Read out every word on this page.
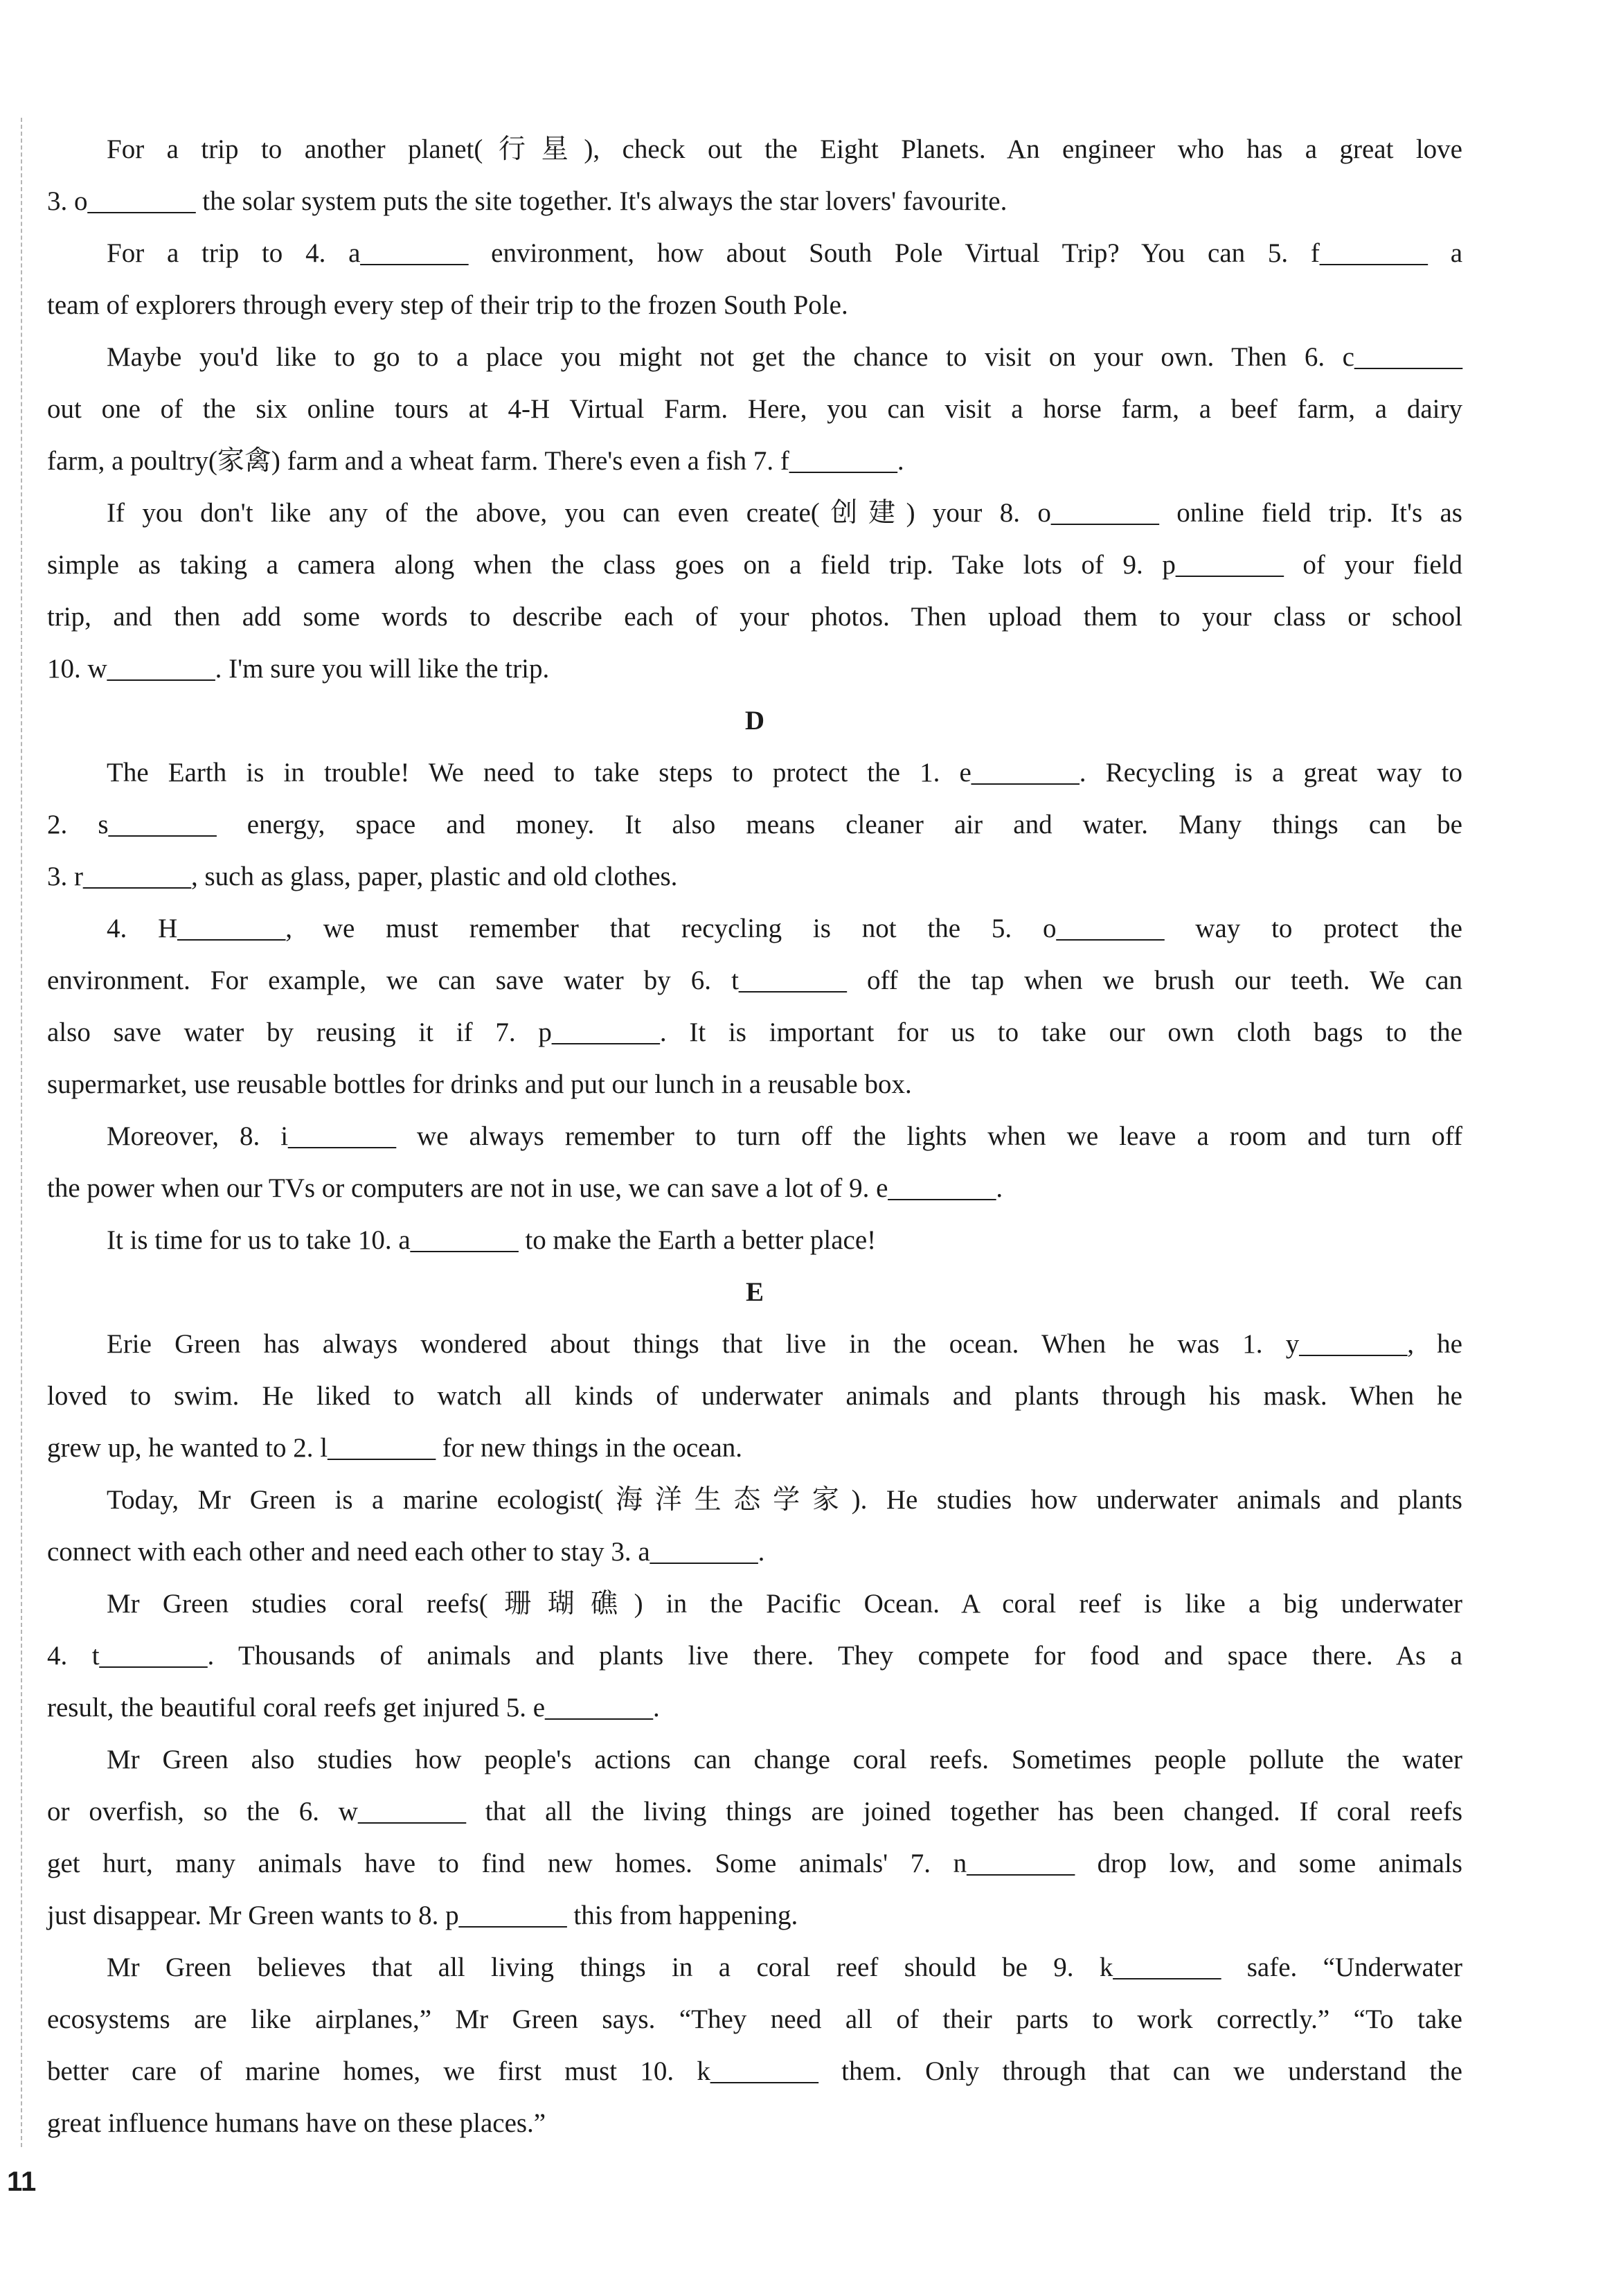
For a trip to another planet(行星), check out the Eight Planets. An engineer who has a great love
3. o________ the solar system puts the site together. It's always the star lovers' favourite.
For a trip to 4. a________ environment, how about South Pole Virtual Trip? You can 5. f________ a
team of explorers through every step of their trip to the frozen South Pole.
Maybe you'd like to go to a place you might not get the chance to visit on your own. Then 6. c________
out one of the six online tours at 4-H Virtual Farm. Here, you can visit a horse farm, a beef farm, a dairy
farm, a poultry(家禽) farm and a wheat farm. There's even a fish 7. f________.
If you don't like any of the above, you can even create(创建) your 8. o________ online field trip. It's as
simple as taking a camera along when the class goes on a field trip. Take lots of 9. p________ of your field
trip, and then add some words to describe each of your photos. Then upload them to your class or school
10. w________. I'm sure you will like the trip.
D
The Earth is in trouble! We need to take steps to protect the 1. e________. Recycling is a great way to
2. s________ energy, space and money. It also means cleaner air and water. Many things can be
3. r________, such as glass, paper, plastic and old clothes.
4. H________, we must remember that recycling is not the 5. o________ way to protect the
environment. For example, we can save water by 6. t________ off the tap when we brush our teeth. We can
also save water by reusing it if 7. p________. It is important for us to take our own cloth bags to the
supermarket, use reusable bottles for drinks and put our lunch in a reusable box.
Moreover, 8. i________ we always remember to turn off the lights when we leave a room and turn off
the power when our TVs or computers are not in use, we can save a lot of 9. e________.
It is time for us to take 10. a________ to make the Earth a better place!
E
Erie Green has always wondered about things that live in the ocean. When he was 1. y________, he
loved to swim. He liked to watch all kinds of underwater animals and plants through his mask. When he
grew up, he wanted to 2. l________ for new things in the ocean.
Today, Mr Green is a marine ecologist(海洋生态学家). He studies how underwater animals and plants
connect with each other and need each other to stay 3. a________.
Mr Green studies coral reefs(珊瑚礁) in the Pacific Ocean. A coral reef is like a big underwater
4. t________. Thousands of animals and plants live there. They compete for food and space there. As a
result, the beautiful coral reefs get injured 5. e________.
Mr Green also studies how people's actions can change coral reefs. Sometimes people pollute the water
or overfish, so the 6. w________ that all the living things are joined together has been changed. If coral reefs
get hurt, many animals have to find new homes. Some animals' 7. n________ drop low, and some animals
just disappear. Mr Green wants to 8. p________ this from happening.
Mr Green believes that all living things in a coral reef should be 9. k________ safe. “Underwater
ecosystems are like airplanes,” Mr Green says. “They need all of their parts to work correctly.” “To take
better care of marine homes, we first must 10. k________ them. Only through that can we understand the
great influence humans have on these places.”
11
